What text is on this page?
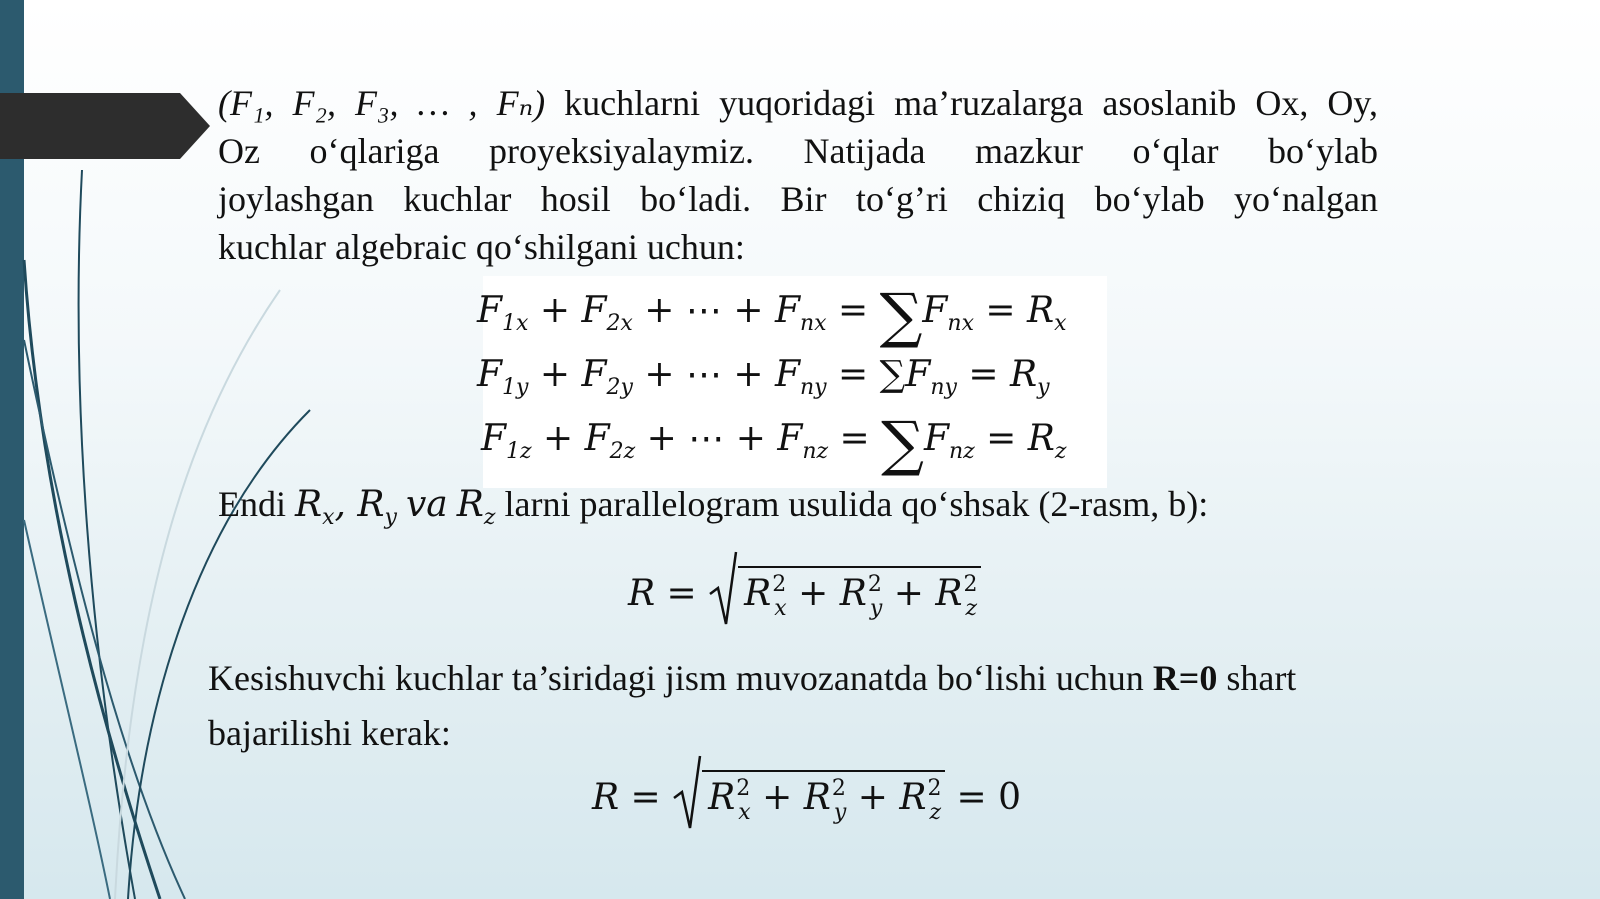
(F₁, F₂, F₃, … , Fₙ) kuchlarni yuqoridagi ma’ruzalarga asoslanib Ox, Oy,
Oz o‘qlariga proyeksiyalaymiz. Natijada mazkur o‘qlar bo‘ylab
joylashgan kuchlar hosil bo‘ladi. Bir to‘g’ri chiziq bo‘ylab yo‘nalgan
kuchlar algebraic qo‘shilgani uchun:
$F_{1x} + F_{2x}$ + ⋯ + $F_{nx} = \sum F_{nx} = R_x$
$F_{1y} + F_{2y}$ + ⋯ + $F_{ny} = \sum F_{ny} = R_y$
$F_{1z} + F_{2z}$ + ⋯ + $F_{nz} = \sum F_{nz} = R_z$
Endi $R_x$, $R_y$ va $R_z$ larni parallelogram usulida qo‘shsak (2-rasm, b):
R =
$R^2_x + R^2_y + R^2_z$
Kesishuvchi kuchlar ta’siridagi jism muvozanatda bo‘lishi uchun R=0 shart
bajarilishi kerak:
R =
$R^2_x + R^2_y + R^2_z = 0$
